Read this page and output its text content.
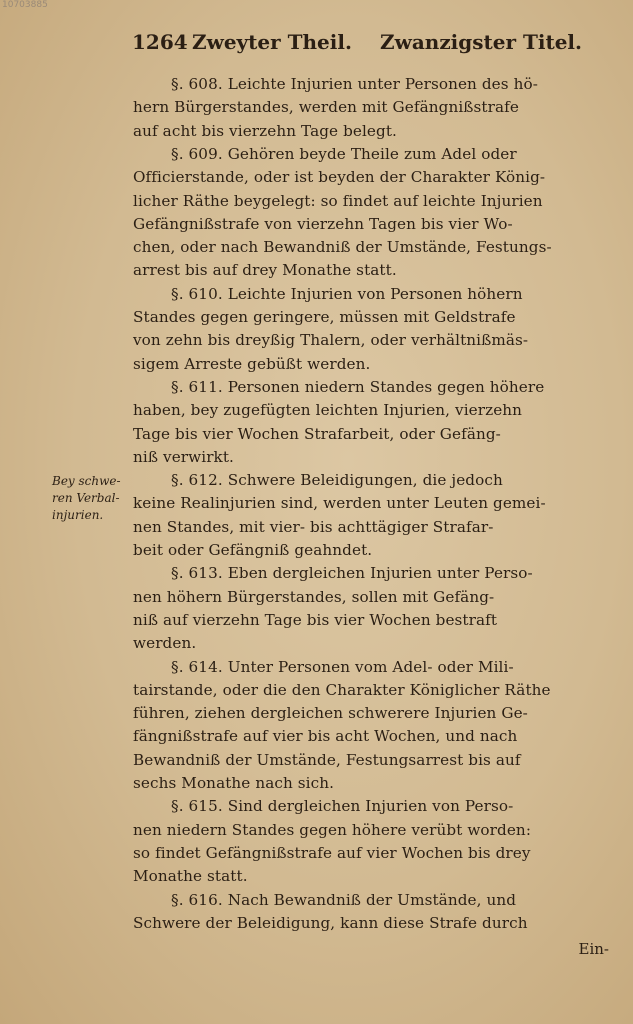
10703885
1264 Zweyter Theil. Zwanzigster Titel.
Bey schwe-
ren Verbal-
injurien.
§. 608. Leichte Injurien unter Personen des hö-
hern Bürgerstandes, werden mit Gefängnißstrafe
auf acht bis vierzehn Tage belegt.
§. 609. Gehören beyde Theile zum Adel oder
Officierstande, oder ist beyden der Charakter König-
licher Räthe beygelegt: so findet auf leichte Injurien
Gefängnißstrafe von vierzehn Tagen bis vier Wo-
chen, oder nach Bewandniß der Umstände, Festungs-
arrest bis auf drey Monathe statt.
§. 610. Leichte Injurien von Personen höhern
Standes gegen geringere, müssen mit Geldstrafe
von zehn bis dreyßig Thalern, oder verhältnißmäs-
sigem Arreste gebüßt werden.
§. 611. Personen niedern Standes gegen höhere
haben, bey zugefügten leichten Injurien, vierzehn
Tage bis vier Wochen Strafarbeit, oder Gefäng-
niß verwirkt.
§. 612. Schwere Beleidigungen, die jedoch
keine Realinjurien sind, werden unter Leuten gemei-
nen Standes, mit vier- bis achttägiger Strafar-
beit oder Gefängniß geahndet.
§. 613. Eben dergleichen Injurien unter Perso-
nen höhern Bürgerstandes, sollen mit Gefäng-
niß auf vierzehn Tage bis vier Wochen bestraft
werden.
§. 614. Unter Personen vom Adel- oder Mili-
tairstande, oder die den Charakter Königlicher Räthe
führen, ziehen dergleichen schwerere Injurien Ge-
fängnißstrafe auf vier bis acht Wochen, und nach
Bewandniß der Umstände, Festungsarrest bis auf
sechs Monathe nach sich.
§. 615. Sind dergleichen Injurien von Perso-
nen niedern Standes gegen höhere verübt worden:
so findet Gefängnißstrafe auf vier Wochen bis drey
Monathe statt.
§. 616. Nach Bewandniß der Umstände, und
Schwere der Beleidigung, kann diese Strafe durch
Ein-
